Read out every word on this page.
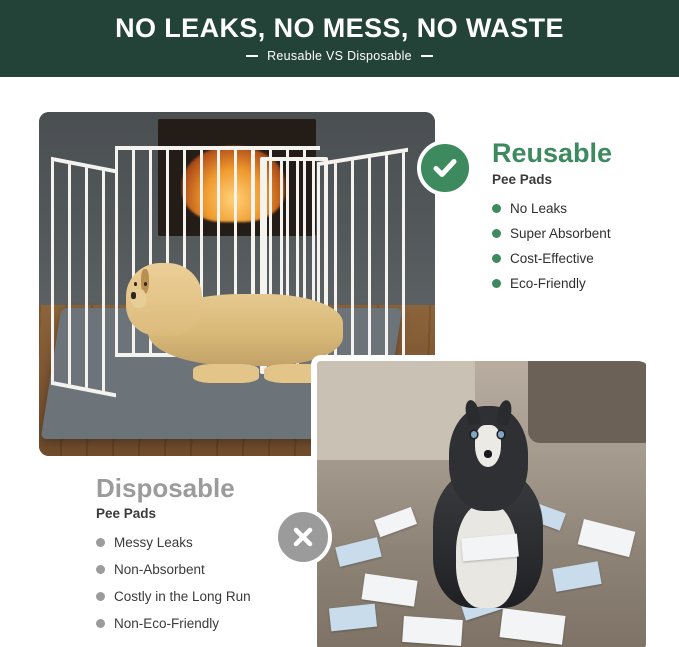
NO LEAKS, NO MESS, NO WASTE
Reusable VS Disposable
Reusable
Pee Pads
No Leaks
Super Absorbent
Cost-Effective
Eco-Friendly
Disposable
Pee Pads
Messy Leaks
Non-Absorbent
Costly in the Long Run
Non-Eco-Friendly
